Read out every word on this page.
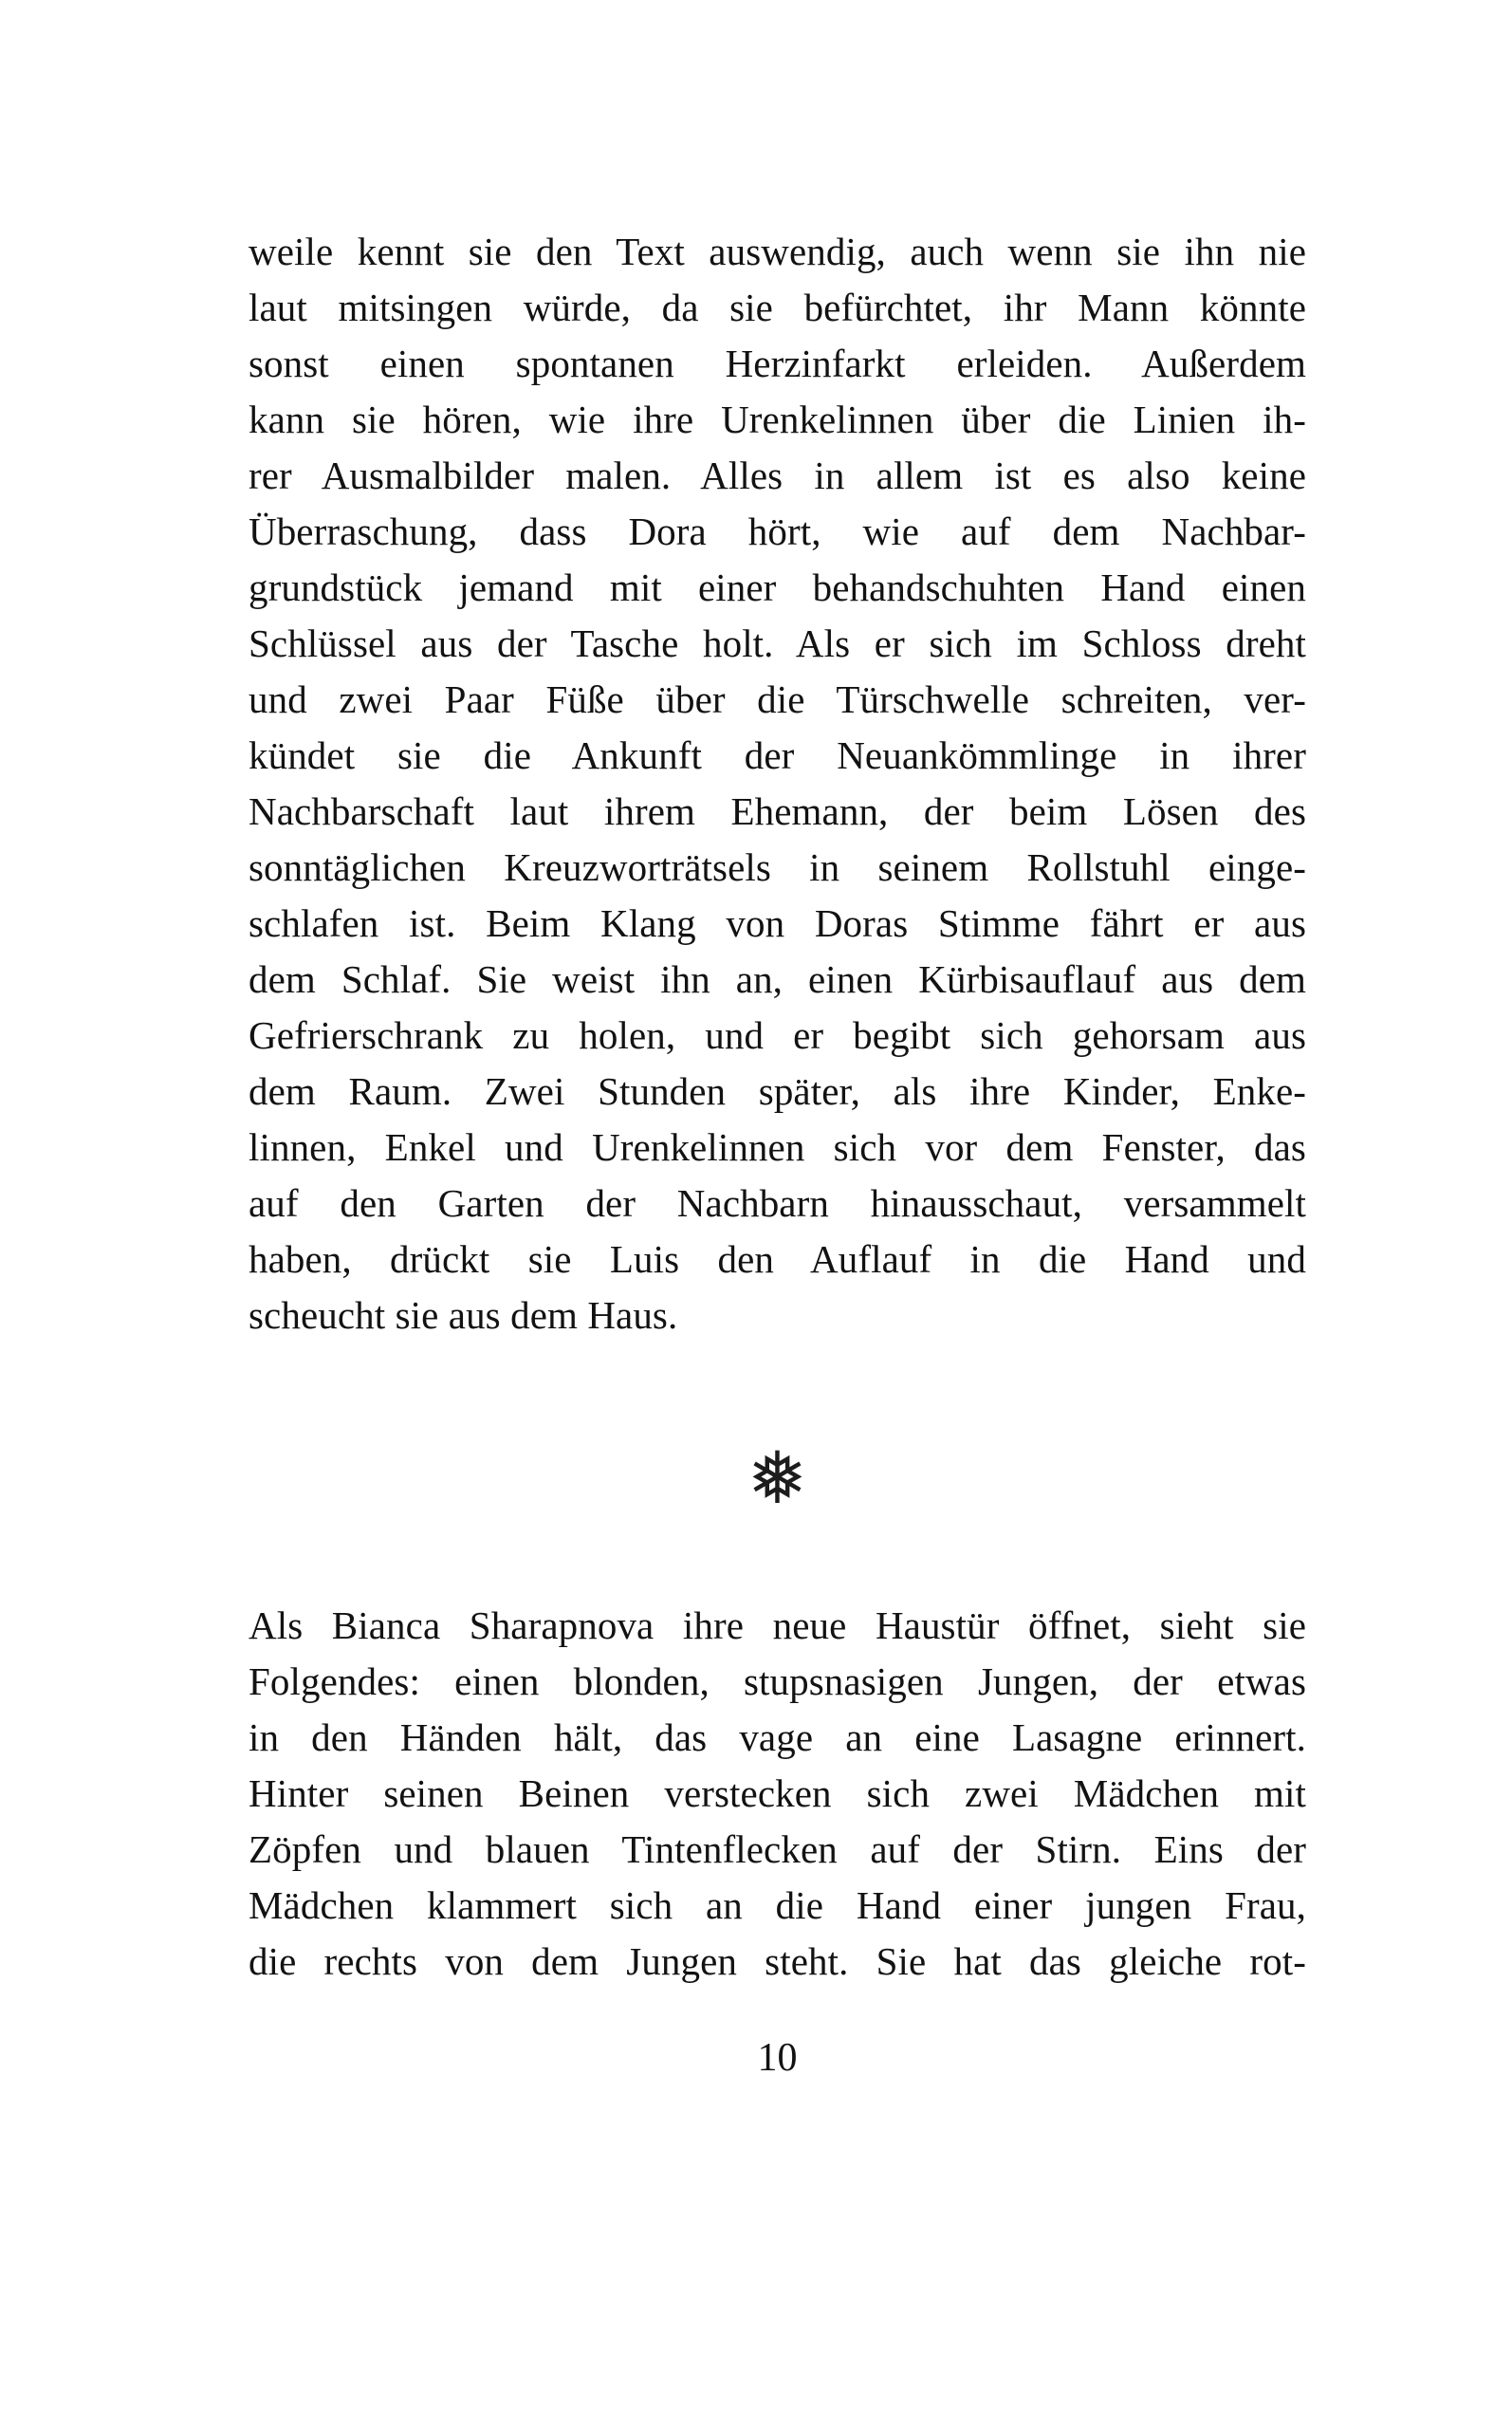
weile kennt sie den Text auswendig, auch wenn sie ihn nie
laut mitsingen würde, da sie befürchtet, ihr Mann könnte
sonst einen spontanen Herzinfarkt erleiden. Außerdem
kann sie hören, wie ihre Urenkelinnen über die Linien ih-
rer Ausmalbilder malen. Alles in allem ist es also keine
Überraschung, dass Dora hört, wie auf dem Nachbar-
grundstück jemand mit einer behandschuhten Hand einen
Schlüssel aus der Tasche holt. Als er sich im Schloss dreht
und zwei Paar Füße über die Türschwelle schreiten, ver-
kündet sie die Ankunft der Neuankömmlinge in ihrer
Nachbarschaft laut ihrem Ehemann, der beim Lösen des
sonntäglichen Kreuzworträtsels in seinem Rollstuhl einge-
schlafen ist. Beim Klang von Doras Stimme fährt er aus
dem Schlaf. Sie weist ihn an, einen Kürbisauflauf aus dem
Gefrierschrank zu holen, und er begibt sich gehorsam aus
dem Raum. Zwei Stunden später, als ihre Kinder, Enke-
linnen, Enkel und Urenkelinnen sich vor dem Fenster, das
auf den Garten der Nachbarn hinausschaut, versammelt
haben, drückt sie Luis den Auflauf in die Hand und
scheucht sie aus dem Haus.
❅
Als Bianca Sharapnova ihre neue Haustür öffnet, sieht sie
Folgendes: einen blonden, stupsnasigen Jungen, der etwas
in den Händen hält, das vage an eine Lasagne erinnert.
Hinter seinen Beinen verstecken sich zwei Mädchen mit
Zöpfen und blauen Tintenflecken auf der Stirn. Eins der
Mädchen klammert sich an die Hand einer jungen Frau,
die rechts von dem Jungen steht. Sie hat das gleiche rot-
10
